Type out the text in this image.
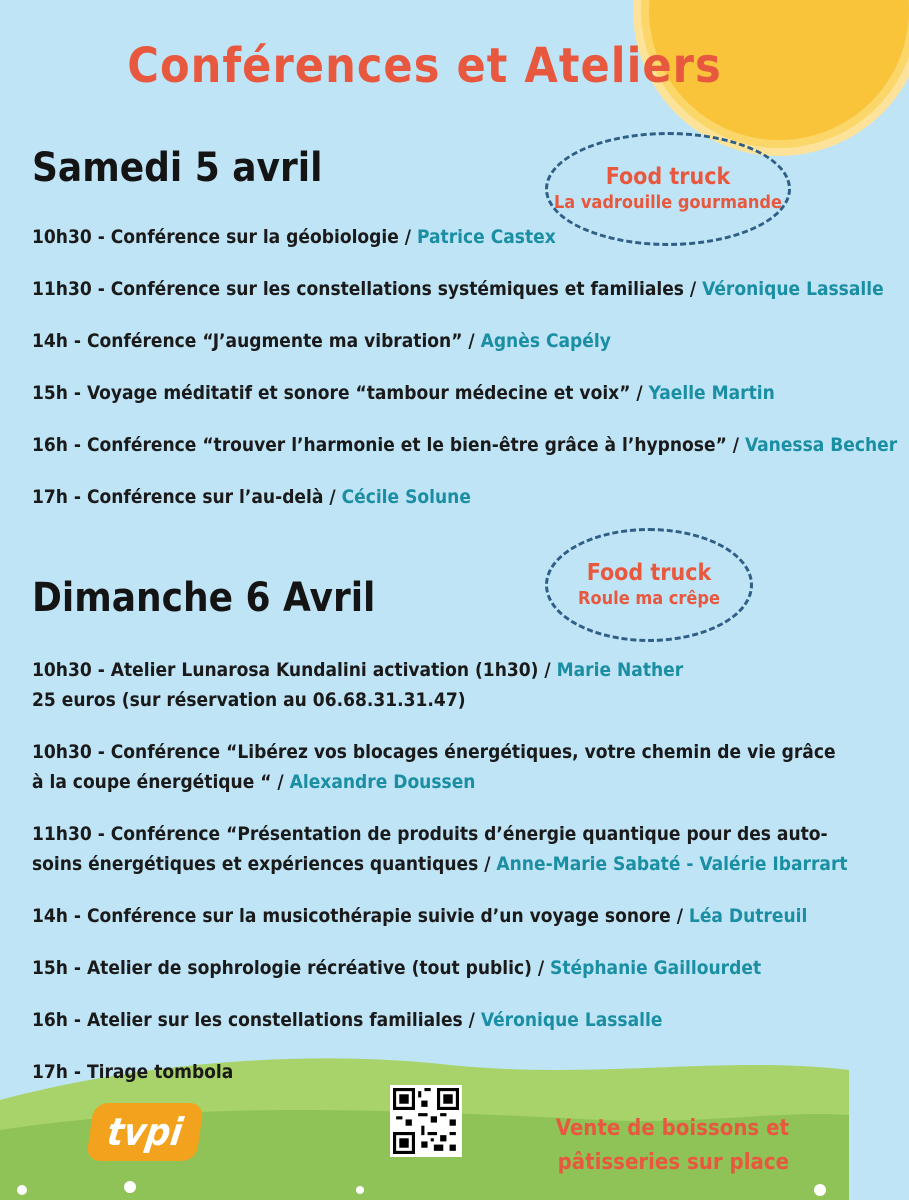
Conférences et Ateliers
Samedi 5 avril	Food truck
La vadrouille gourmande
10h30 - Conférence sur la géobiologie / Patrice Castex
11h30 - Conférence sur les constellations systémiques et familiales / Véronique Lassalle
14h - Conférence “J’augmente ma vibration” / Agnès Capély
15h - Voyage méditatif et sonore “tambour médecine et voix” / Yaelle Martin
16h - Conférence “trouver l’harmonie et le bien-être grâce à l’hypnose” / Vanessa Becher
17h - Conférence sur l’au-delà / Cécile Solune
Dimanche 6 Avril
Food truck
Roule ma crêpe
10h30 - Atelier Lunarosa Kundalini activation (1h30) / Marie Nather
25 euros (sur réservation au 06.68.31.31.47)
10h30 - Conférence “Libérez vos blocages énergétiques, votre chemin de vie grâce
à la coupe énergétique “ / Alexandre Doussen
11h30 - Conférence “Présentation de produits d’énergie quantique pour des auto-
soins énergétiques et expériences quantiques / Anne-Marie Sabaté - Valérie Ibarrart
14h - Conférence sur la musicothérapie suivie d’un voyage sonore / Léa Dutreuil
15h - Atelier de sophrologie récréative (tout public) / Stéphanie Gaillourdet
16h - Atelier sur les constellations familiales / Véronique Lassalle
17h - Tirage tombola
tvpi	Vente de boissons et
pâtisseries sur place
